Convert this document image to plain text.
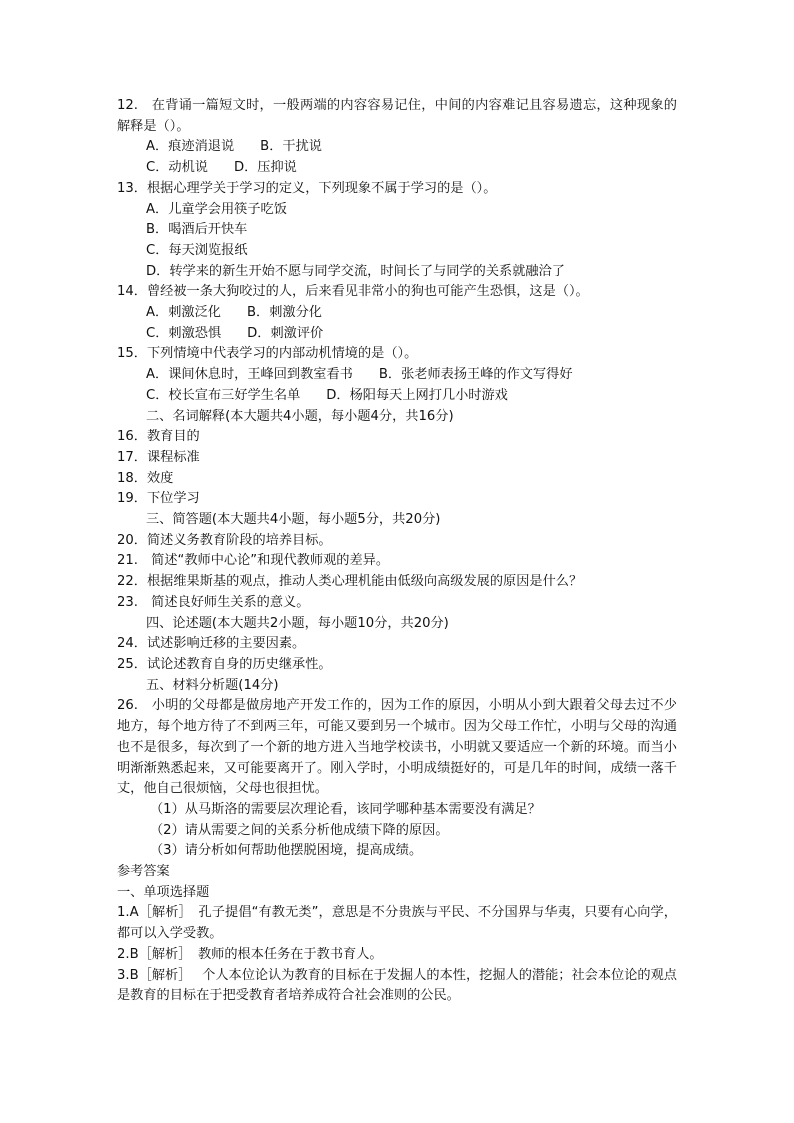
12.　在背诵一篇短文时，一般两端的内容容易记住，中间的内容难记且容易遗忘，这种现象的解释是（）。
A．痕迹消退说 B．干扰说
C．动机说 D．压抑说
13．根据心理学关于学习的定义，下列现象不属于学习的是（）。
A．儿童学会用筷子吃饭
B．喝酒后开快车
C．每天浏览报纸
D．转学来的新生开始不愿与同学交流，时间长了与同学的关系就融洽了
14．曾经被一条大狗咬过的人，后来看见非常小的狗也可能产生恐惧，这是（）。
A．刺激泛化 B．刺激分化
C．刺激恐惧 D．刺激评价
15．下列情境中代表学习的内部动机情境的是（）。
A．课间休息时，王峰回到教室看书 B．张老师表扬王峰的作文写得好
C．校长宣布三好学生名单 D．杨阳每天上网打几小时游戏
二、名词解释(本大题共4小题，每小题4分，共16分)
16．教育目的
17．课程标准
18．效度
19．下位学习
三、简答题(本大题共4小题，每小题5分，共20分)
20．简述义务教育阶段的培养目标。
21.　简述“教师中心论”和现代教师观的差异。
22．根据维果斯基的观点，推动人类心理机能由低级向高级发展的原因是什么？
23.　简述良好师生关系的意义。
四、论述题(本大题共2小题，每小题10分，共20分)
24．试述影响迁移的主要因素。
25．试论述教育自身的历史继承性。
五、材料分析题(14分)
26.　小明的父母都是做房地产开发工作的，因为工作的原因，小明从小到大跟着父母去过不少地方，每个地方待了不到两三年，可能又要到另一个城市。因为父母工作忙，小明与父母的沟通也不是很多，每次到了一个新的地方进入当地学校读书，小明就又要适应一个新的环境。而当小明渐渐熟悉起来，又可能要离开了。刚入学时，小明成绩挺好的，可是几年的时间，成绩一落千丈，他自己很烦恼，父母也很担忧。
（1）从马斯洛的需要层次理论看，该同学哪种基本需要没有满足？
（2）请从需要之间的关系分析他成绩下降的原因。
（3）请分析如何帮助他摆脱困境，提高成绩。
参考答案
一、单项选择题
1.A［解析］　孔子提倡“有教无类”，意思是不分贵族与平民、不分国界与华夷，只要有心向学，都可以入学受教。
2.B［解析］　教师的根本任务在于教书育人。
3.B［解析］　 个人本位论认为教育的目标在于发掘人的本性，挖掘人的潜能；社会本位论的观点是教育的目标在于把受教育者培养成符合社会准则的公民。
